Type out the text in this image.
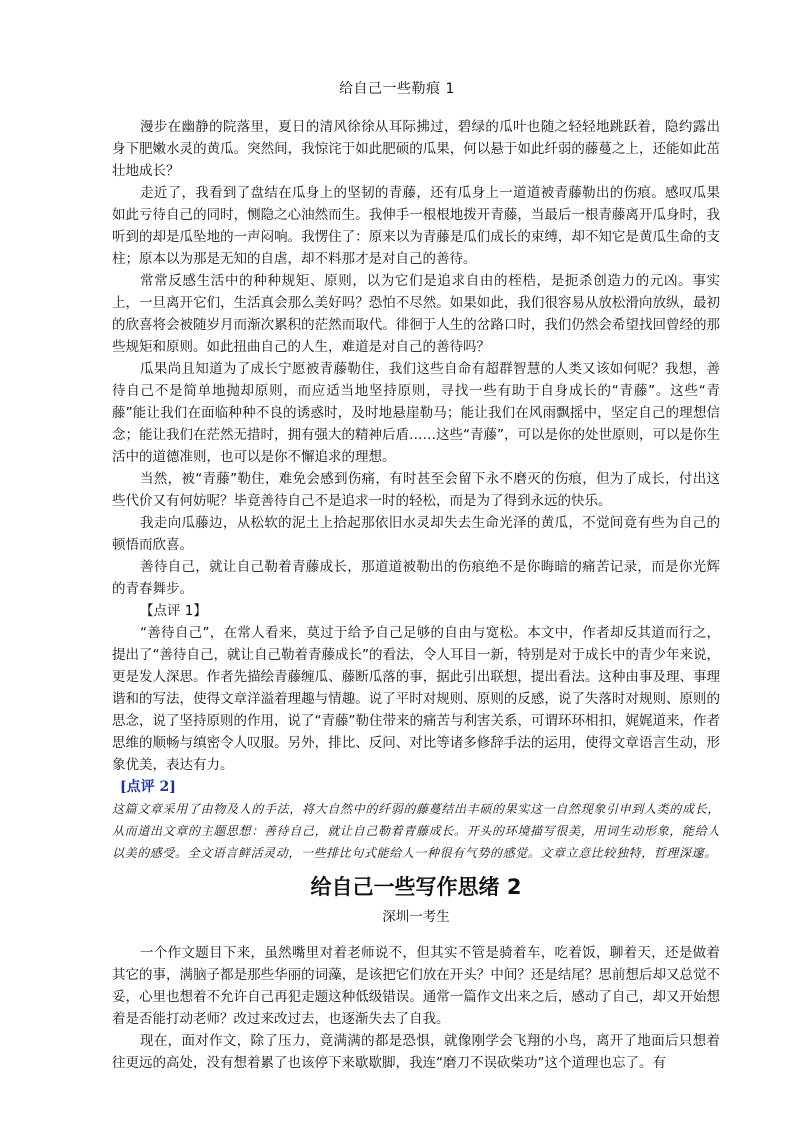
给自己一些勒痕 1

漫步在幽静的院落里，夏日的清风徐徐从耳际拂过，碧绿的瓜叶也随之轻轻地跳跃着，隐约露出身下肥嫩水灵的黄瓜。突然间，我惊诧于如此肥硕的瓜果，何以悬于如此纤弱的藤蔓之上，还能如此茁壮地成长？

走近了，我看到了盘结在瓜身上的坚韧的青藤，还有瓜身上一道道被青藤勒出的伤痕。感叹瓜果如此亏待自己的同时，恻隐之心油然而生。我伸手一根根地拨开青藤，当最后一根青藤离开瓜身时，我听到的却是瓜坠地的一声闷响。我愣住了：原来以为青藤是瓜们成长的束缚，却不知它是黄瓜生命的支柱；原本以为那是无知的自虐，却不料那才是对自己的善待。

常常反感生活中的种种规矩、原则，以为它们是追求自由的桎梏，是扼杀创造力的元凶。事实上，一旦离开它们，生活真会那么美好吗？恐怕不尽然。如果如此，我们很容易从放松滑向放纵，最初的欣喜将会被随岁月而渐次累积的茫然而取代。徘徊于人生的岔路口时，我们仍然会希望找回曾经的那些规矩和原则。如此扭曲自己的人生，难道是对自己的善待吗？

瓜果尚且知道为了成长宁愿被青藤勒住，我们这些自命有超群智慧的人类又该如何呢？我想，善待自己不是简单地抛却原则，而应适当地坚持原则，寻找一些有助于自身成长的“青藤”。这些“青藤”能让我们在面临种种不良的诱惑时，及时地悬崖勒马；能让我们在风雨飘摇中，坚定自己的理想信念；能让我们在茫然无措时，拥有强大的精神后盾……这些“青藤”，可以是你的处世原则，可以是你生活中的道德准则，也可以是你不懈追求的理想。

当然，被“青藤”勒住，难免会感到伤痛，有时甚至会留下永不磨灭的伤痕，但为了成长，付出这些代价又有何妨呢？毕竟善待自己不是追求一时的轻松，而是为了得到永远的快乐。

我走向瓜藤边，从松软的泥土上拾起那依旧水灵却失去生命光泽的黄瓜，不觉间竟有些为自己的顿悟而欣喜。

善待自己，就让自己勒着青藤成长，那道道被勒出的伤痕绝不是你晦暗的痛苦记录，而是你光辉的青春舞步。

【点评 1】

“善待自己”，在常人看来，莫过于给予自己足够的自由与宽松。本文中，作者却反其道而行之，提出了“善待自己，就让自己勒着青藤成长”的看法，令人耳目一新，特别是对于成长中的青少年来说，更是发人深思。作者先描绘青藤缠瓜、藤断瓜落的事，据此引出联想，提出看法。这种由事及理、事理谐和的写法，使得文章洋溢着理趣与情趣。说了平时对规则、原则的反感，说了失落时对规则、原则的思念，说了坚持原则的作用，说了“青藤”勒住带来的痛苦与利害关系，可谓环环相扣，娓娓道来，作者思维的顺畅与缜密令人叹服。另外，排比、反问、对比等诸多修辞手法的运用，使得文章语言生动，形象优美，表达有力。

[点评 2]
这篇文章采用了由物及人的手法，将大自然中的纤弱的藤蔓结出丰硕的果实这一自然现象引申到人类的成长，从而道出文章的主题思想：善待自己，就让自己勒着青藤成长。开头的环境描写很美，用词生动形象，能给人以美的感受。全文语言鲜活灵动，一些排比句式能给人一种很有气势的感觉。文章立意比较独特，哲理深邃。
给自己一些写作思绪 2
深圳一考生

一个作文题目下来，虽然嘴里对着老师说不，但其实不管是骑着车，吃着饭，聊着天，还是做着其它的事，满脑子都是那些华丽的词藻，是该把它们放在开头？中间？还是结尾？思前想后却又总觉不妥，心里也想着不允许自己再犯走题这种低级错误。通常一篇作文出来之后，感动了自己，却又开始想着是否能打动老师？改过来改过去，也逐渐失去了自我。

现在，面对作文，除了压力，竟满满的都是恐惧，就像刚学会飞翔的小鸟，离开了地面后只想着往更远的高处，没有想着累了也该停下来歇歇脚，我连“磨刀不误砍柴功”这个道理也忘了。有
